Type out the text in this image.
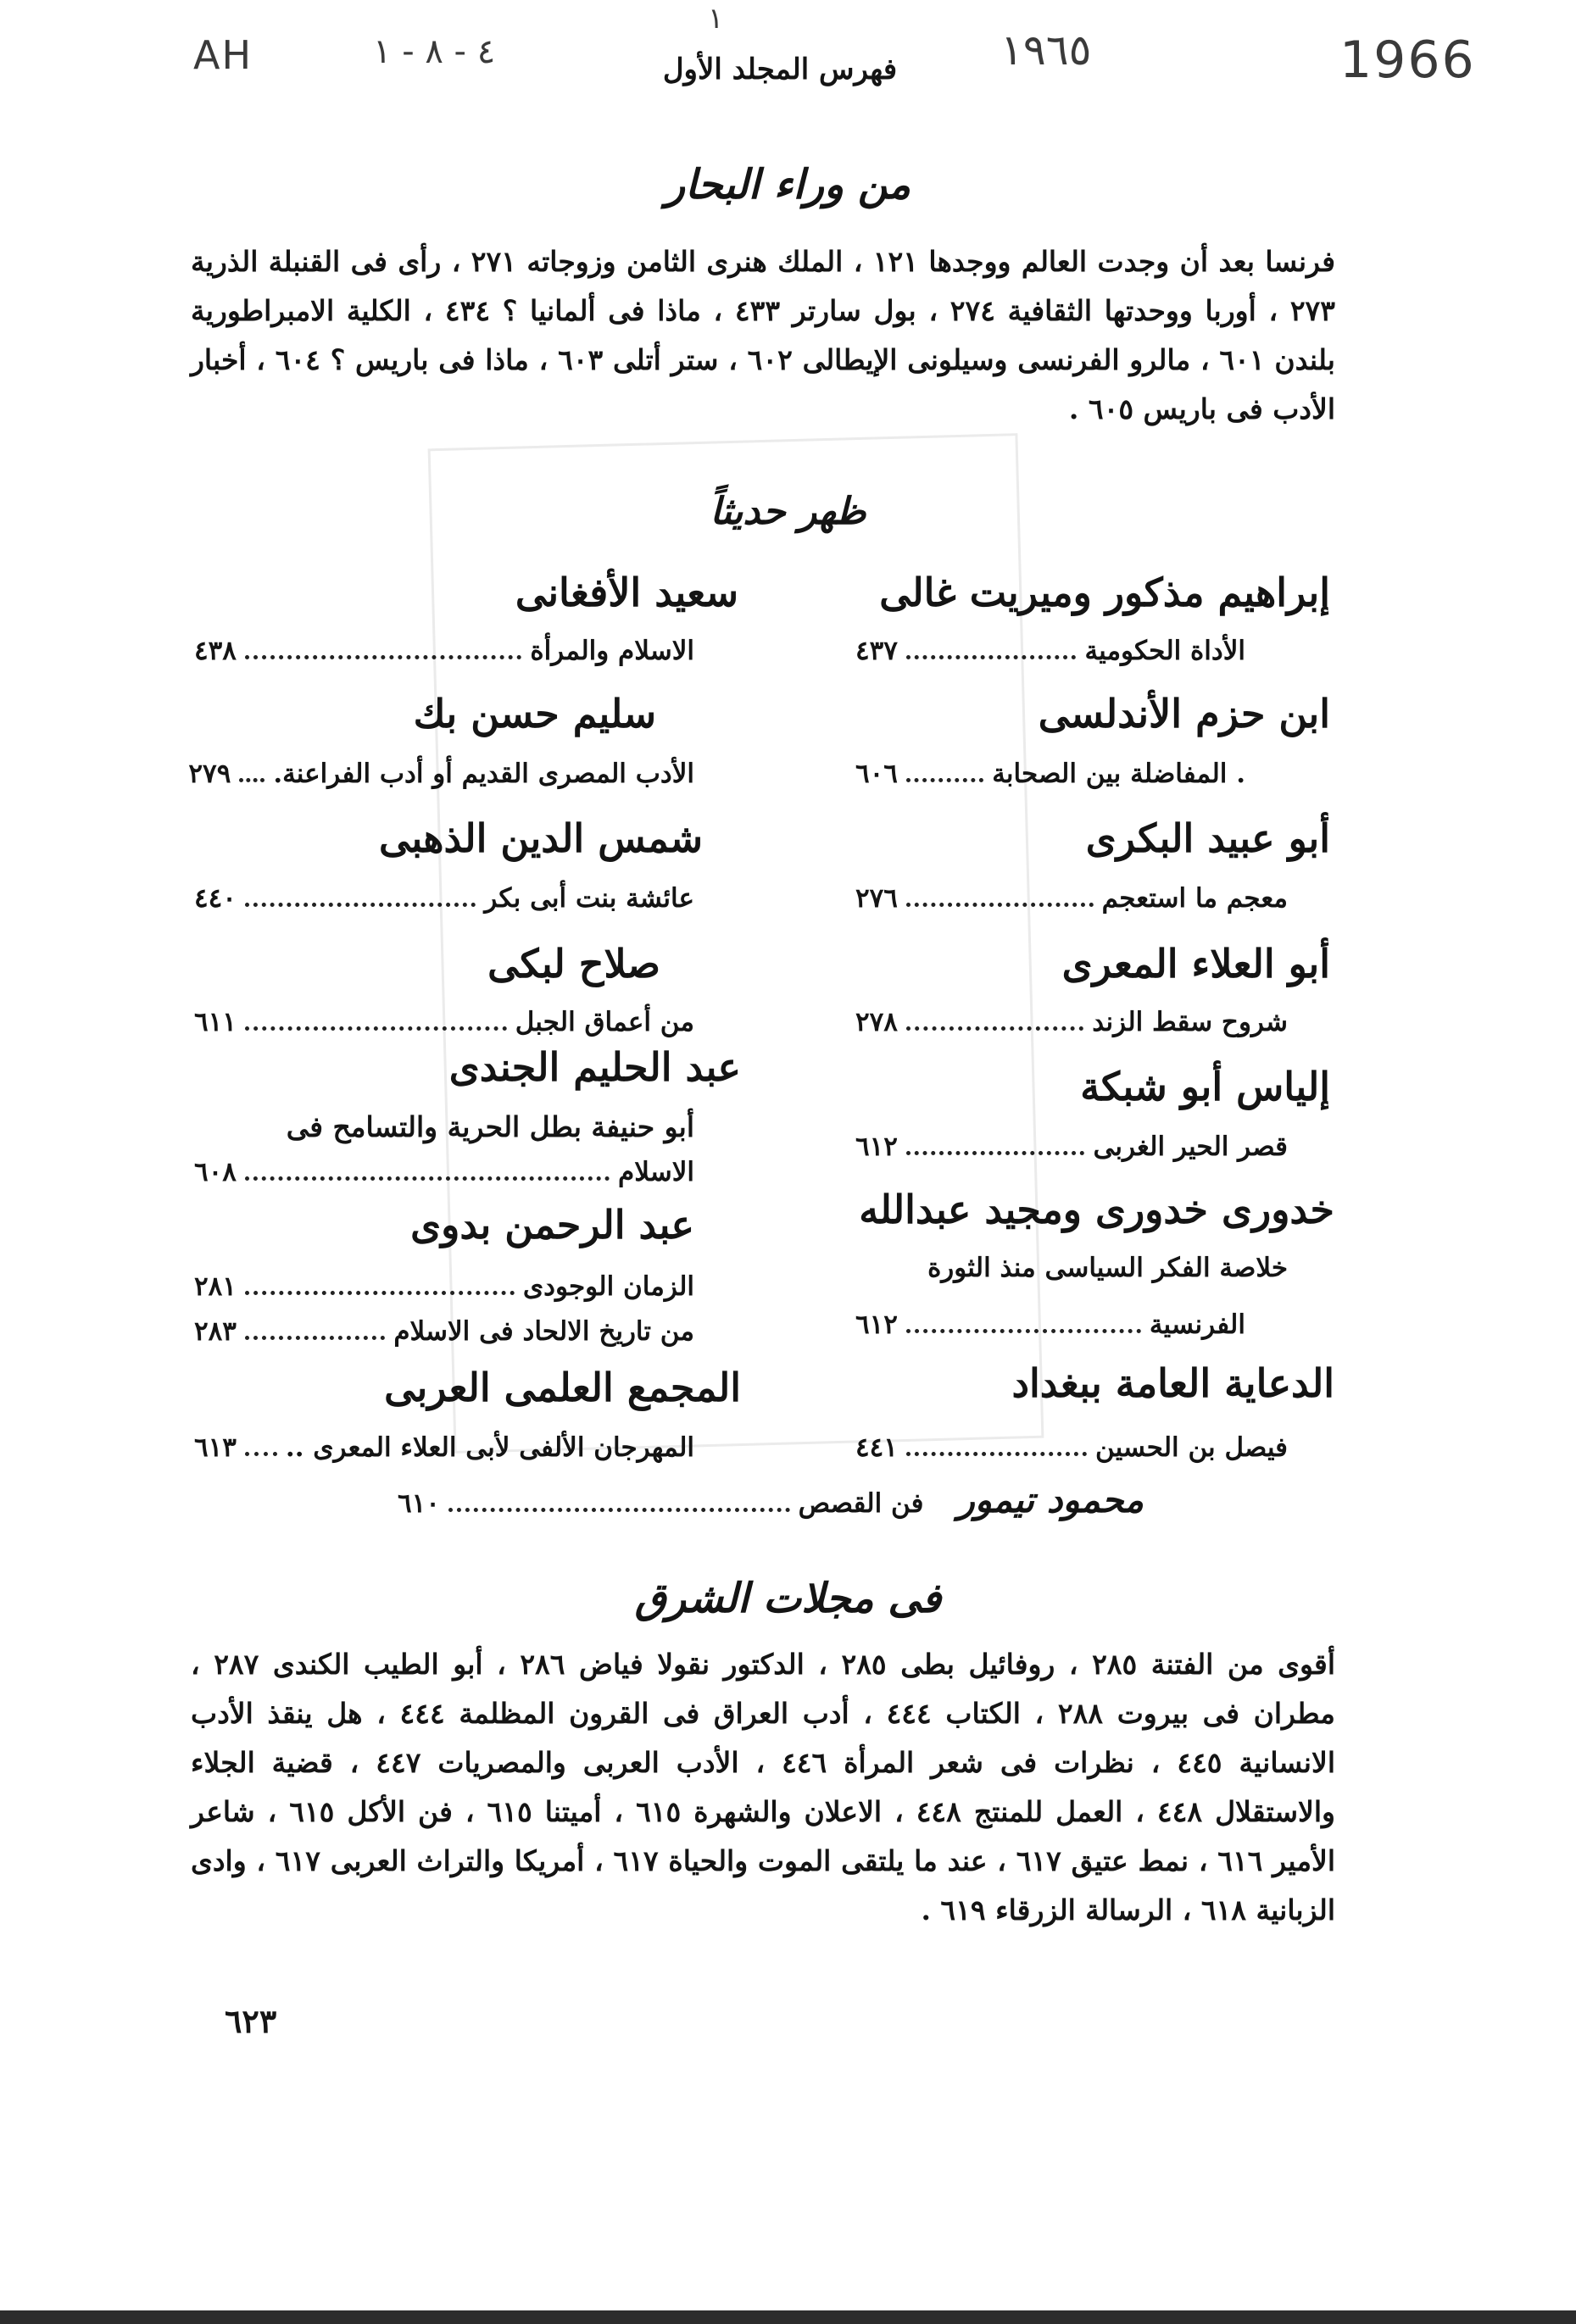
AH	٤ - ٨ - ١
١
١٩٦٥	1966
فهرس المجلد الأول
من وراء البحار
فرنسا بعد أن وجدت العالم ووجدها ١٢١ ، الملك هنرى الثامن وزوجاته ٢٧١ ، رأى فى القنبلة الذرية ٢٧٣ ، أوربا ووحدتها الثقافية ٢٧٤ ، بول سارتر ٤٣٣ ، ماذا فى ألمانيا ؟ ٤٣٤ ، الكلية الامبراطورية بلندن ٦٠١ ، مالرو الفرنسى وسيلونى الإيطالى ٦٠٢ ، ستر أتلى ٦٠٣ ، ماذا فى باريس ؟ ٦٠٤ ، أخبار الأدب فى باريس ٦٠٥ .
ظهر حديثاً
إبراهيم مذكور وميريت غالى
الأداة الحكومية
٤٣٧
ابن حزم الأندلسى
. المفاضلة بين الصحابة
٦٠٦
أبو عبيد البكرى
معجم ما استعجم
٢٧٦
أبو العلاء المعرى
شروح سقط الزند
٢٧٨
إلياس أبو شبكة
قصر الحير الغربى
٦١٢
خدورى خدورى ومجيد عبدالله
خلاصة الفكر السياسى منذ الثورة
الفرنسية
٦١٢
الدعاية العامة ببغداد
فيصل بن الحسين
٤٤١
سعيد الأفغانى
الاسلام والمرأة
٤٣٨
سليم حسن بك
الأدب المصرى القديم أو أدب الفراعنة.
٢٧٩
شمس الدين الذهبى
عائشة بنت أبى بكر
٤٤٠
صلاح لبكى
من أعماق الجبل
٦١١
عبد الحليم الجندى
أبو حنيفة بطل الحرية والتسامح فى
الاسلام
٦٠٨
عبد الرحمن بدوى
الزمان الوجودى
٢٨١
من تاريخ الالحاد فى الاسلام
٢٨٣
المجمع العلمى العربى
المهرجان الألفى لأبى العلاء المعرى ..
٦١٣
محمود تيمور
فن القصص
٦١٠
فى مجلات الشرق
أقوى من الفتنة ٢٨٥ ، روفائيل بطى ٢٨٥ ، الدكتور نقولا فياض ٢٨٦ ، أبو الطيب الكندى ٢٨٧ ، مطران فى بيروت ٢٨٨ ، الكتاب ٤٤٤ ، أدب العراق فى القرون المظلمة ٤٤٤ ، هل ينقذ الأدب الانسانية ٤٤٥ ، نظرات فى شعر المرأة ٤٤٦ ، الأدب العربى والمصريات ٤٤٧ ، قضية الجلاء والاستقلال ٤٤٨ ، العمل للمنتج ٤٤٨ ، الاعلان والشهرة ٦١٥ ، أميتنا ٦١٥ ، فن الأكل ٦١٥ ، شاعر الأمير ٦١٦ ، نمط عتيق ٦١٧ ، عند ما يلتقى الموت والحياة ٦١٧ ، أمريكا والتراث العربى ٦١٧ ، وادى الزبانية ٦١٨ ، الرسالة الزرقاء ٦١٩ .
٦٢٣
